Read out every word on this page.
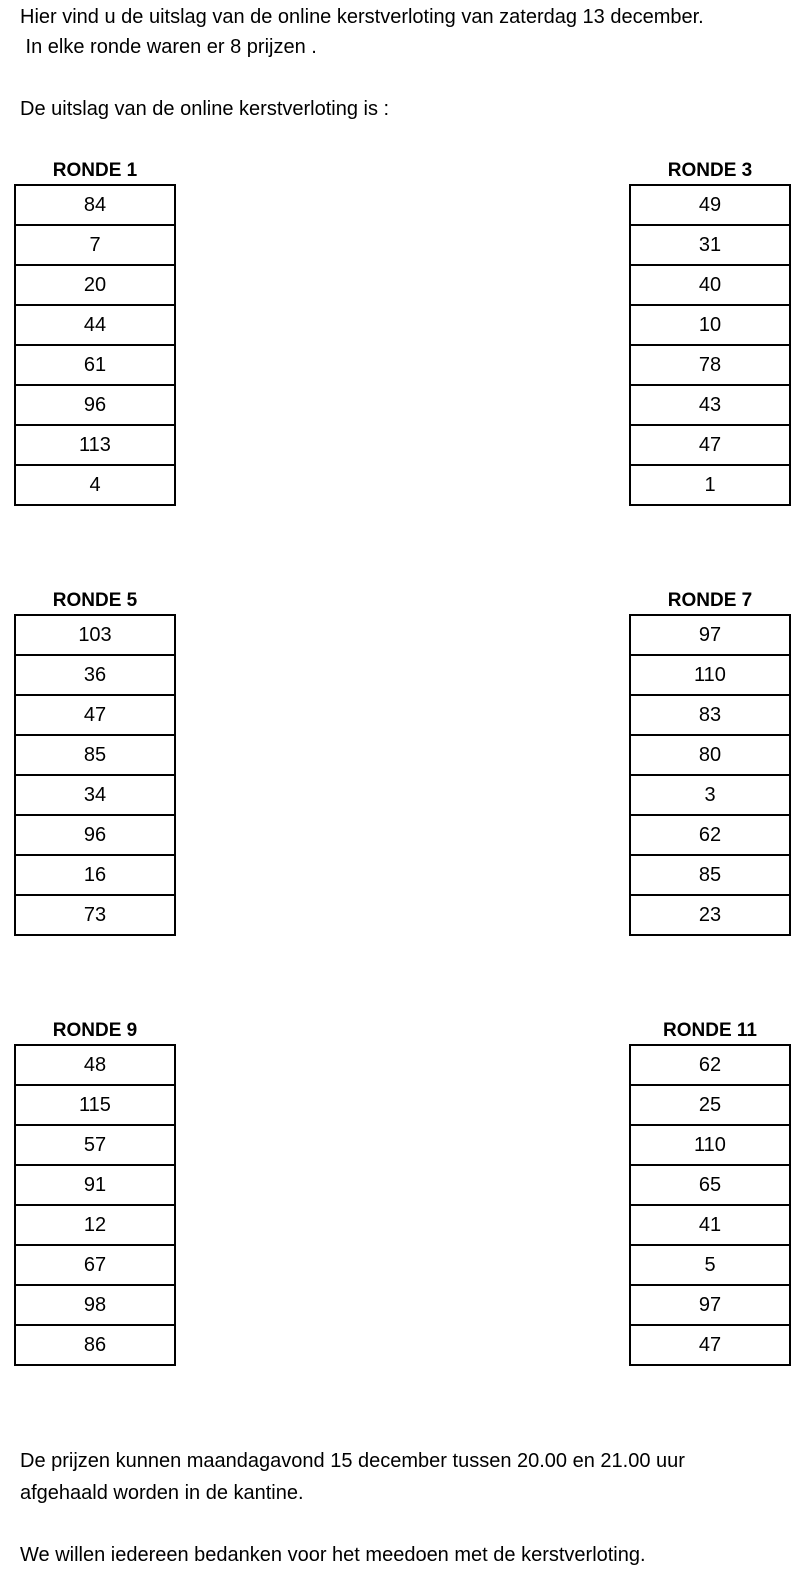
Hier vind u de uitslag van de online kerstverloting van zaterdag 13 december.
In elke ronde waren er 8 prijzen .
De uitslag van de online kerstverloting is :
RONDE 1
84
7
20
44
61
96
113
4
RONDE 3
49
31
40
10
78
43
47
1
RONDE 5
103
36
47
85
34
96
16
73
RONDE 7
97
110
83
80
3
62
85
23
RONDE 9
48
115
57
91
12
67
98
86
RONDE 11
62
25
110
65
41
5
97
47
De prijzen kunnen maandagavond 15 december tussen 20.00 en 21.00 uur
afgehaald worden in de kantine.
We willen iedereen bedanken voor het meedoen met de kerstverloting.
